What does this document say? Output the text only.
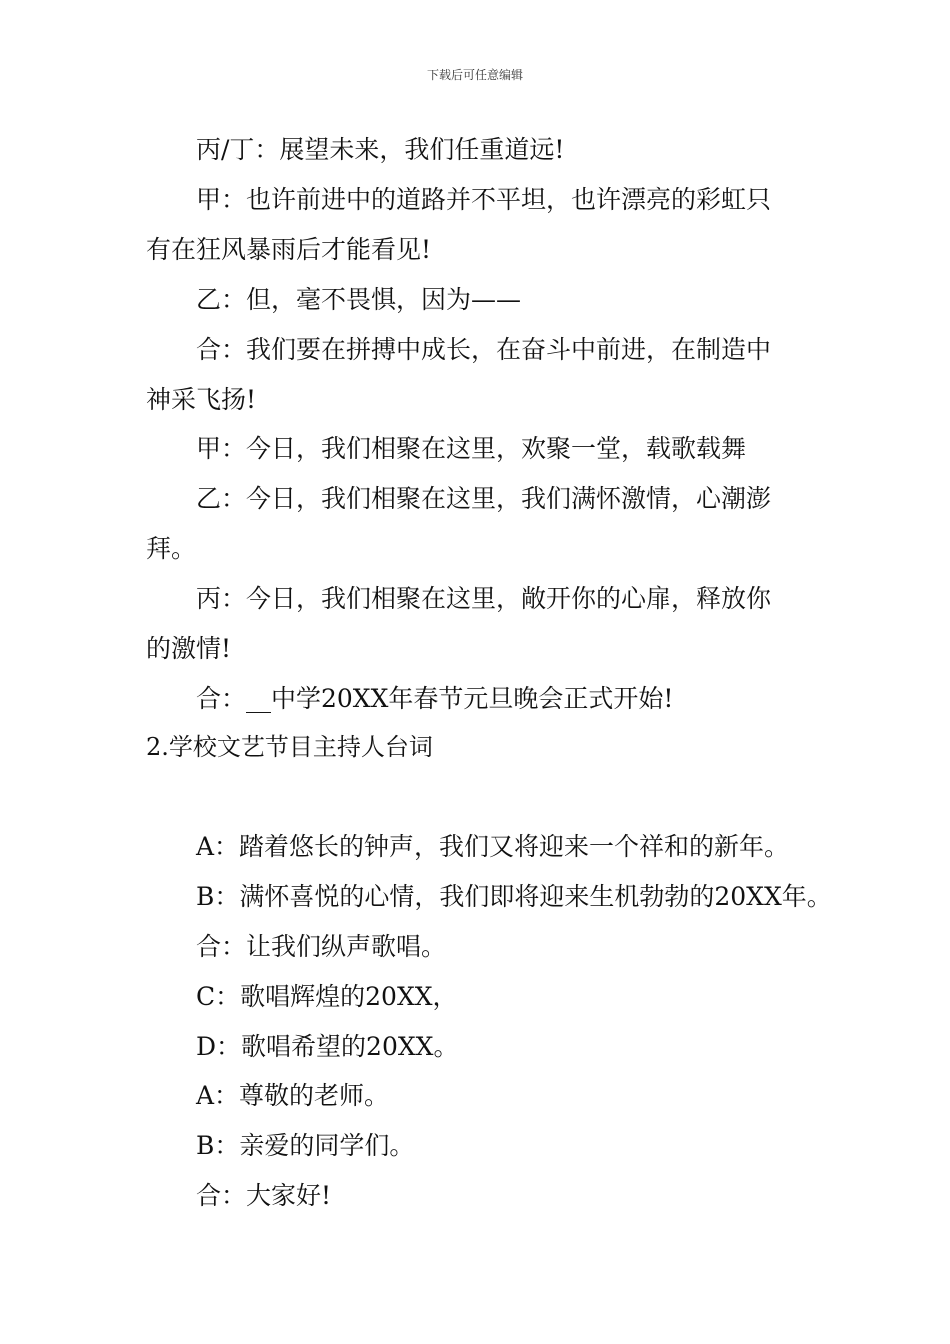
下载后可任意编辑
丙/丁：展望未来，我们任重道远!
甲：也许前进中的道路并不平坦，也许漂亮的彩虹只
有在狂风暴雨后才能看见!
乙：但，毫不畏惧，因为——
合：我们要在拼搏中成长，在奋斗中前进，在制造中
神采飞扬!
甲：今日，我们相聚在这里，欢聚一堂，载歌载舞
乙：今日，我们相聚在这里，我们满怀激情，心潮澎
拜。
丙：今日，我们相聚在这里，敞开你的心扉，释放你
的激情!
合：__中学20XX年春节元旦晚会正式开始!
2.学校文艺节目主持人台词
A：踏着悠长的钟声，我们又将迎来一个祥和的新年。
B：满怀喜悦的心情，我们即将迎来生机勃勃的20XX年。
合：让我们纵声歌唱。
C：歌唱辉煌的20XX，
D：歌唱希望的20XX。
A：尊敬的老师。
B：亲爱的同学们。
合：大家好!
